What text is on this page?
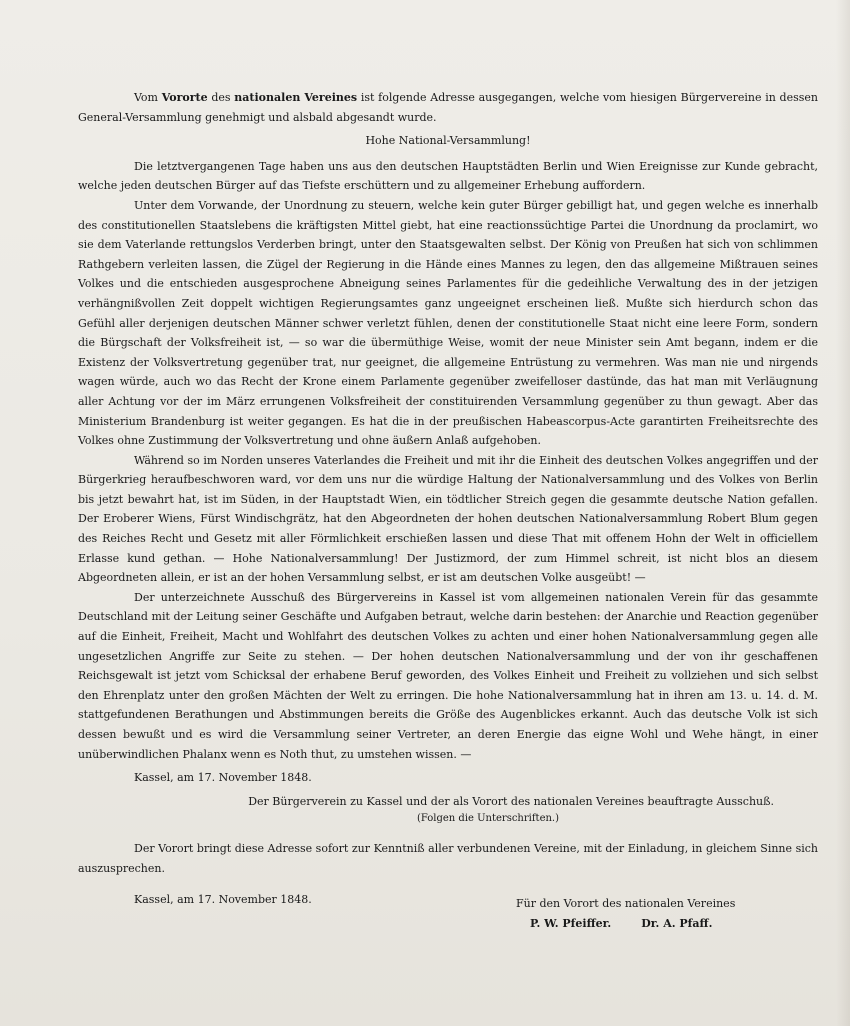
Vom Vororte des nationalen Vereines ist folgende Adresse ausgegangen, welche vom hiesigen Bürgervereine in dessen General-Versammlung genehmigt und alsbald abgesandt wurde.

Hohe National-Versammlung!

Die letztvergangenen Tage haben uns aus den deutschen Hauptstädten Berlin und Wien Ereignisse zur Kunde gebracht, welche jeden deutschen Bürger auf das Tiefste erschüttern und zu allgemeiner Erhebung auffordern.

Unter dem Vorwande, der Unordnung zu steuern, welche kein guter Bürger gebilligt hat, und gegen welche es innerhalb des constitutionellen Staatslebens die kräftigsten Mittel giebt, hat eine reactionssüchtige Partei die Unordnung da proclamirt, wo sie dem Vaterlande rettungslos Verderben bringt, unter den Staatsgewalten selbst. Der König von Preußen hat sich von schlimmen Rathgebern verleiten lassen, die Zügel der Regierung in die Hände eines Mannes zu legen, den das allgemeine Mißtrauen seines Volkes und die entschieden ausgesprochene Abneigung seines Parlamentes für die gedeihliche Verwaltung des in der jetzigen verhängnißvollen Zeit doppelt wichtigen Regierungsamtes ganz ungeeignet erscheinen ließ. Mußte sich hierdurch schon das Gefühl aller derjenigen deutschen Männer schwer verletzt fühlen, denen der constitutionelle Staat nicht eine leere Form, sondern die Bürgschaft der Volksfreiheit ist, — so war die übermüthige Weise, womit der neue Minister sein Amt begann, indem er die Existenz der Volksvertretung gegenüber trat, nur geeignet, die allgemeine Entrüstung zu vermehren. Was man nie und nirgends wagen würde, auch wo das Recht der Krone einem Parlamente gegenüber zweifelloser dastünde, das hat man mit Verläugnung aller Achtung vor der im März errungenen Volksfreiheit der constituirenden Versammlung gegenüber zu thun gewagt. Aber das Ministerium Brandenburg ist weiter gegangen. Es hat die in der preußischen Habeascorpus-Acte garantirten Freiheitsrechte des Volkes ohne Zustimmung der Volksvertretung und ohne äußern Anlaß aufgehoben.

Während so im Norden unseres Vaterlandes die Freiheit und mit ihr die Einheit des deutschen Volkes angegriffen und der Bürgerkrieg heraufbeschworen ward, vor dem uns nur die würdige Haltung der Nationalversammlung und des Volkes von Berlin bis jetzt bewahrt hat, ist im Süden, in der Hauptstadt Wien, ein tödtlicher Streich gegen die gesammte deutsche Nation gefallen. Der Eroberer Wiens, Fürst Windischgrätz, hat den Abgeordneten der hohen deutschen Nationalversammlung Robert Blum gegen des Reiches Recht und Gesetz mit aller Förmlichkeit erschießen lassen und diese That mit offenem Hohn der Welt in officiellem Erlasse kund gethan. — Hohe Nationalversammlung! Der Justizmord, der zum Himmel schreit, ist nicht blos an diesem Abgeordneten allein, er ist an der hohen Versammlung selbst, er ist am deutschen Volke ausgeübt! —

Der unterzeichnete Ausschuß des Bürgervereins in Kassel ist vom allgemeinen nationalen Verein für das gesammte Deutschland mit der Leitung seiner Geschäfte und Aufgaben betraut, welche darin bestehen: der Anarchie und Reaction gegenüber auf die Einheit, Freiheit, Macht und Wohlfahrt des deutschen Volkes zu achten und einer hohen Nationalversammlung gegen alle ungesetzlichen Angriffe zur Seite zu stehen. — Der hohen deutschen Nationalversammlung und der von ihr geschaffenen Reichsgewalt ist jetzt vom Schicksal der erhabene Beruf geworden, des Volkes Einheit und Freiheit zu vollziehen und sich selbst den Ehrenplatz unter den großen Mächten der Welt zu erringen. Die hohe Nationalversammlung hat in ihren am 13. u. 14. d. M. stattgefundenen Berathungen und Abstimmungen bereits die Größe des Augenblickes erkannt. Auch das deutsche Volk ist sich dessen bewußt und es wird die Versammlung seiner Vertreter, an deren Energie das eigne Wohl und Wehe hängt, in einer unüberwindlichen Phalanx wenn es Noth thut, zu umstehen wissen. —

Kassel, am 17. November 1848.

Der Bürgerverein zu Kassel und der als Vorort des nationalen Vereines beauftragte Ausschuß.

(Folgen die Unterschriften.)

Der Vorort bringt diese Adresse sofort zur Kenntniß aller verbundenen Vereine, mit der Einladung, in gleichem Sinne sich auszusprechen.

Kassel, am 17. November 1848.	Für den Vorort des nationalen Vereines
P. W. Pfeiffer.	Dr. A. Pfaff.
